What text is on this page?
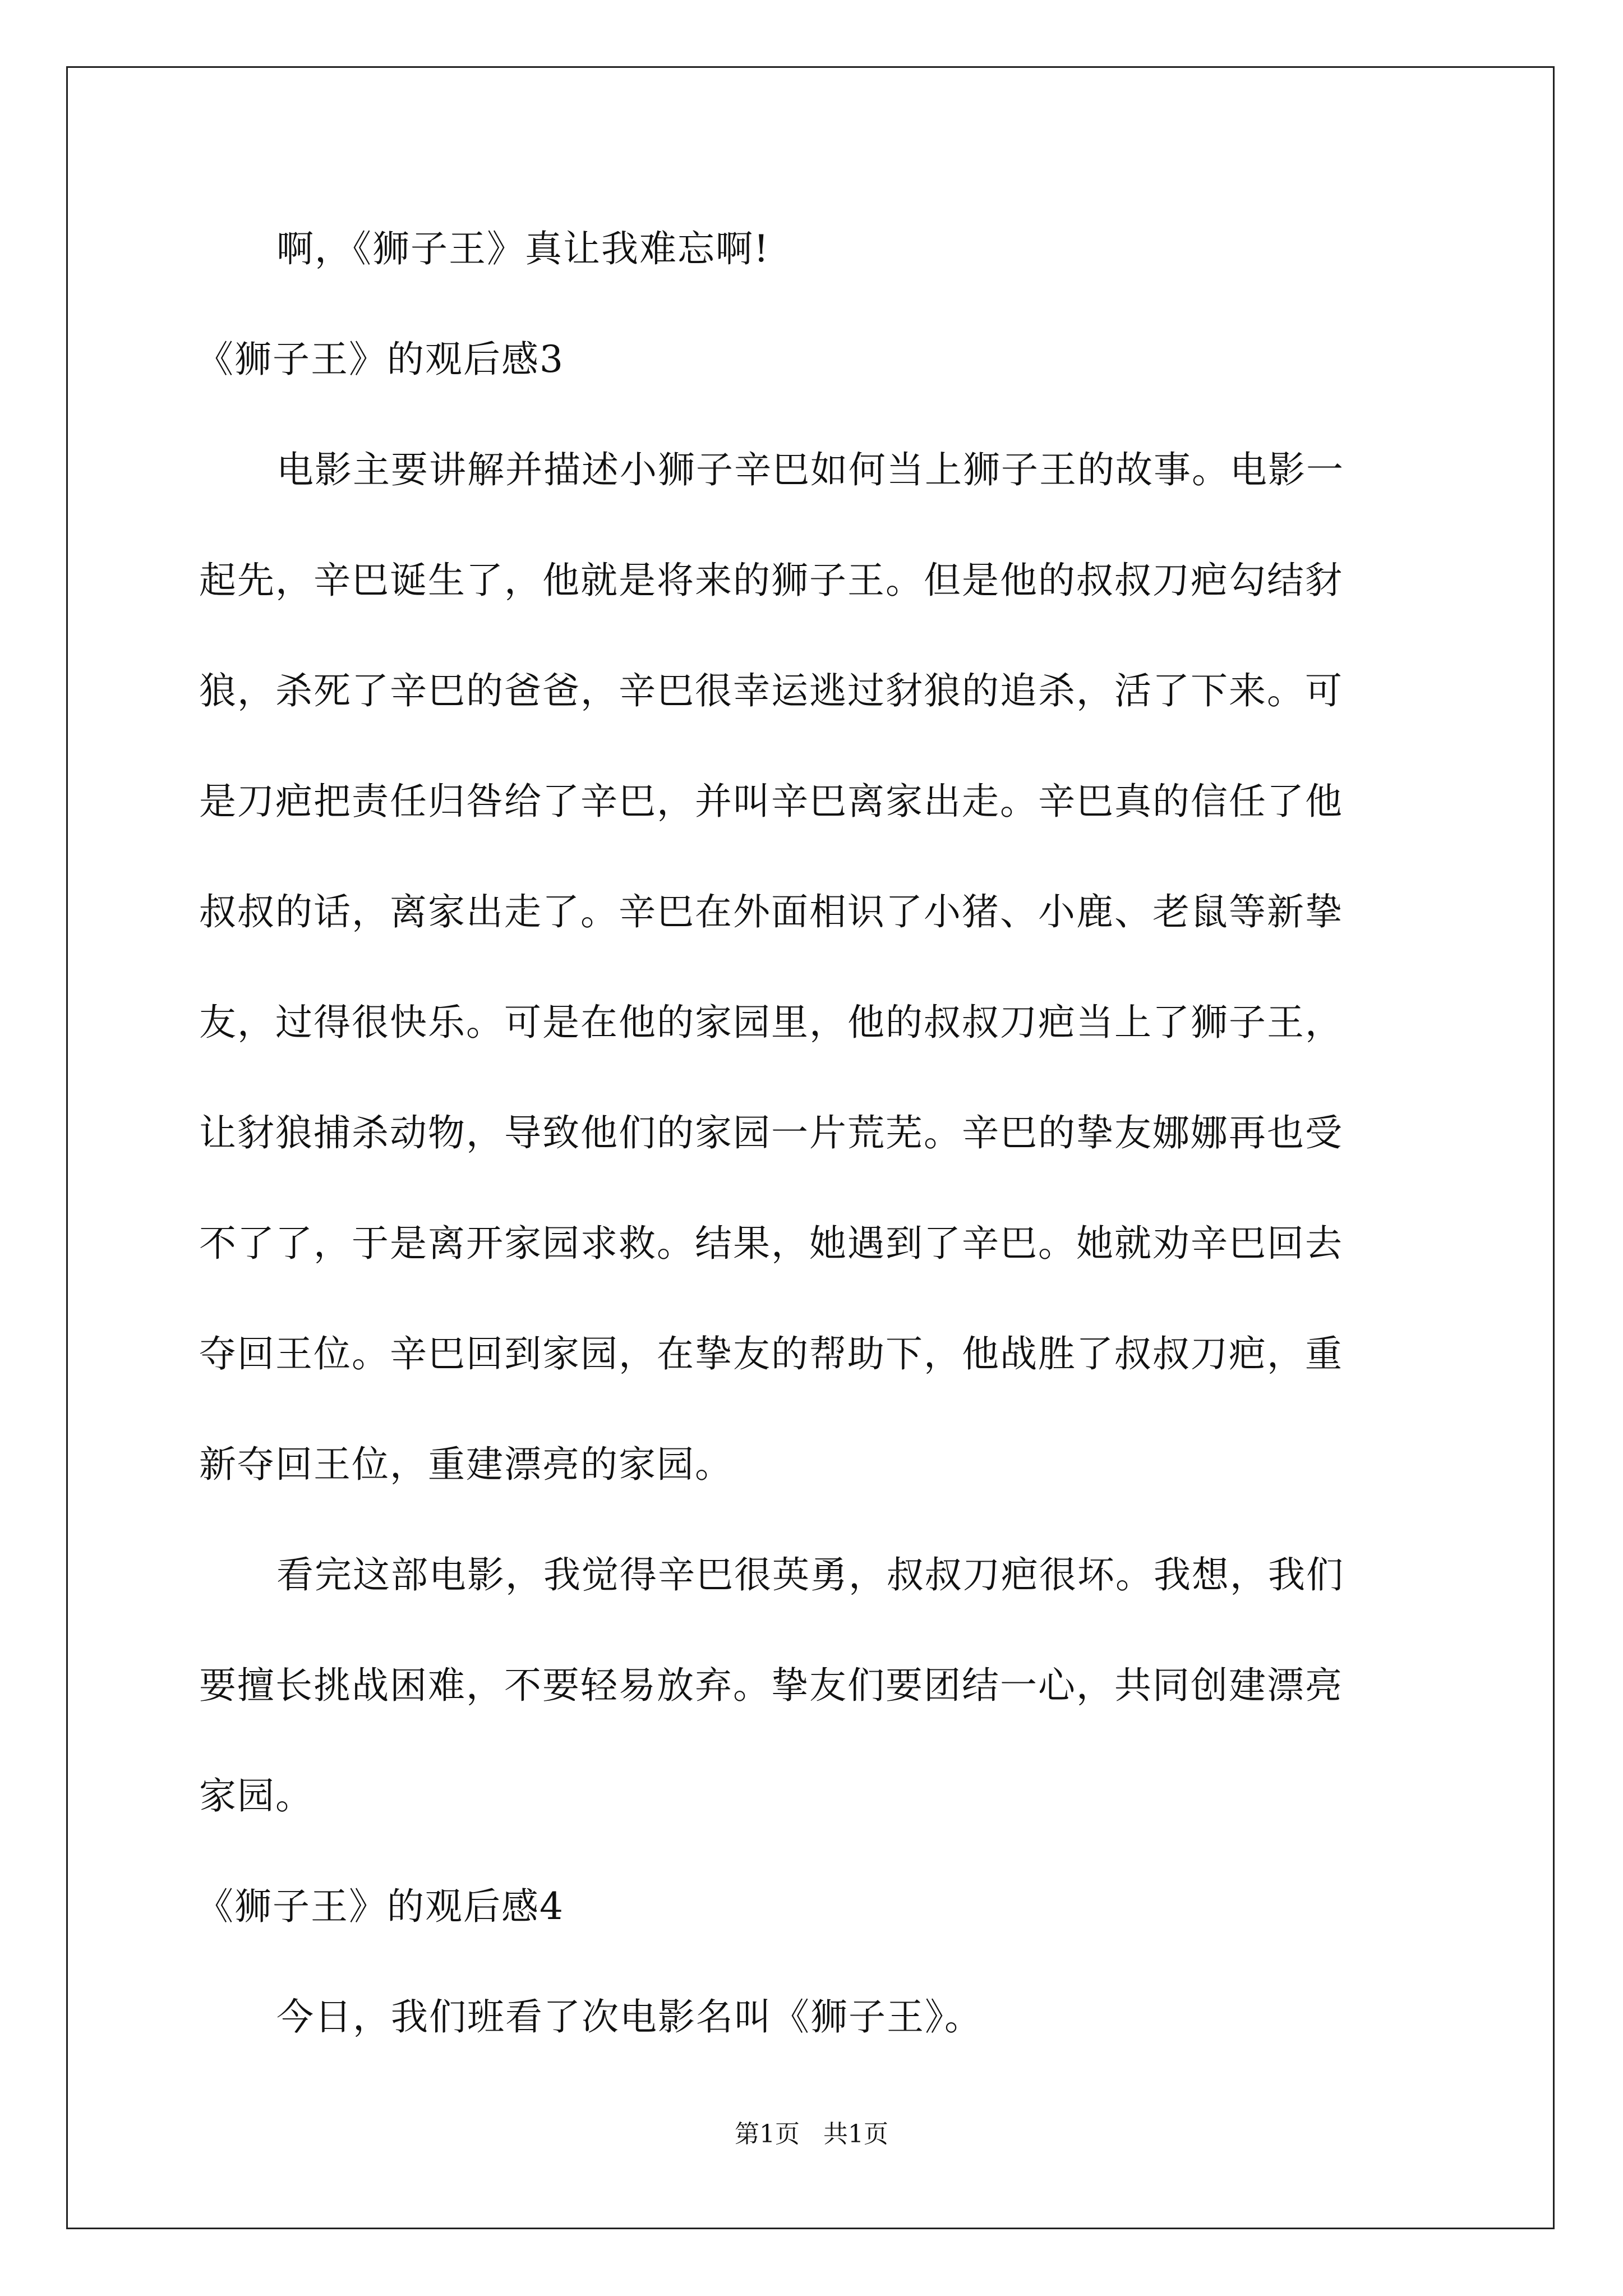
啊，《狮子王》真让我难忘啊!
《狮子王》的观后感3
电影主要讲解并描述小狮子辛巴如何当上狮子王的故事。电影一
起先，辛巴诞生了，他就是将来的狮子王。但是他的叔叔刀疤勾结豺
狼，杀死了辛巴的爸爸，辛巴很幸运逃过豺狼的追杀，活了下来。可
是刀疤把责任归咎给了辛巴，并叫辛巴离家出走。辛巴真的信任了他
叔叔的话，离家出走了。辛巴在外面相识了小猪、小鹿、老鼠等新挚
友，过得很快乐。可是在他的家园里，他的叔叔刀疤当上了狮子王，
让豺狼捕杀动物，导致他们的家园一片荒芜。辛巴的挚友娜娜再也受
不了了，于是离开家园求救。结果，她遇到了辛巴。她就劝辛巴回去
夺回王位。辛巴回到家园，在挚友的帮助下，他战胜了叔叔刀疤，重
新夺回王位，重建漂亮的家园。
看完这部电影，我觉得辛巴很英勇，叔叔刀疤很坏。我想，我们
要擅长挑战困难，不要轻易放弃。挚友们要团结一心，共同创建漂亮
家园。
《狮子王》的观后感4
今日，我们班看了次电影名叫《狮子王》。
第1页   共1页
